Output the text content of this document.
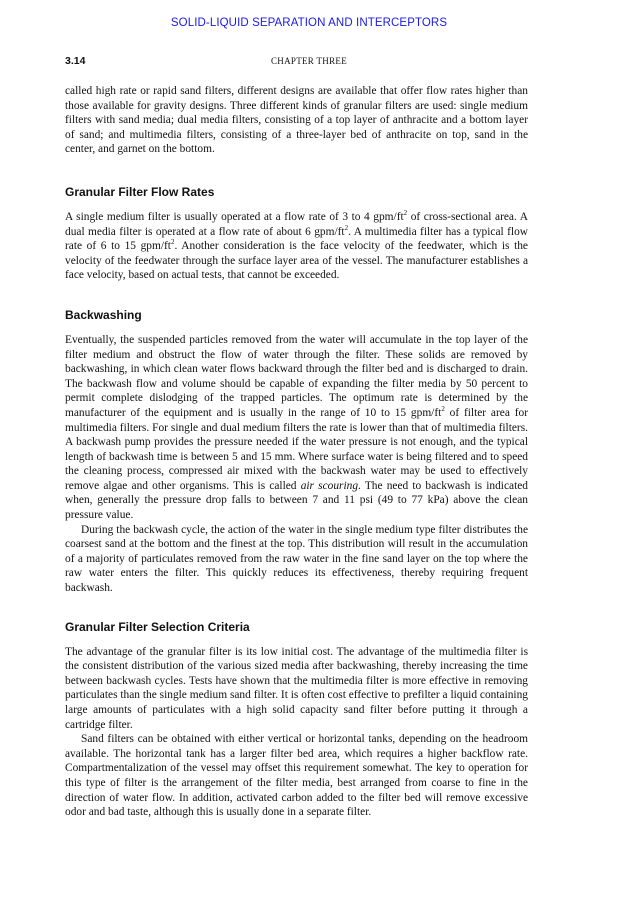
SOLID-LIQUID SEPARATION AND INTERCEPTORS
3.14	CHAPTER THREE

called high rate or rapid sand filters, different designs are available that offer flow rates higher than those available for gravity designs. Three different kinds of granular filters are used: single medium filters with sand media; dual media filters, consisting of a top layer of anthracite and a bottom layer of sand; and multimedia filters, consisting of a three-layer bed of anthracite on top, sand in the center, and garnet on the bottom.

Granular Filter Flow Rates

A single medium filter is usually operated at a flow rate of 3 to 4 gpm/$ft^2$ of cross-sectional area. A dual media filter is operated at a flow rate of about 6 gpm/$ft^2$. A multimedia filter has a typical flow rate of 6 to 15 gpm/$ft^2$. Another consideration is the face velocity of the feedwater, which is the velocity of the feedwater through the surface layer area of the vessel. The manufacturer establishes a face velocity, based on actual tests, that cannot be exceeded.

Backwashing

Eventually, the suspended particles removed from the water will accumulate in the top layer of the filter medium and obstruct the flow of water through the filter. These solids are removed by backwashing, in which clean water flows backward through the filter bed and is discharged to drain. The backwash flow and volume should be capable of expanding the filter media by 50 percent to permit complete dislodging of the trapped particles. The optimum rate is determined by the manufacturer of the equipment and is usually in the range of 10 to 15 gpm/$ft^2$ of filter area for multimedia filters. For single and dual medium filters the rate is lower than that of multimedia filters. A backwash pump provides the pressure needed if the water pressure is not enough, and the typical length of backwash time is between 5 and 15 mm. Where surface water is being filtered and to speed the cleaning process, compressed air mixed with the backwash water may be used to effectively remove algae and other organisms. This is called air scouring. The need to backwash is indicated when, generally the pressure drop falls to between 7 and 11 psi (49 to 77 kPa) above the clean pressure value.

During the backwash cycle, the action of the water in the single medium type filter distributes the coarsest sand at the bottom and the finest at the top. This distribution will result in the accumulation of a majority of particulates removed from the raw water in the fine sand layer on the top where the raw water enters the filter. This quickly reduces its effectiveness, thereby requiring frequent backwash.

Granular Filter Selection Criteria

The advantage of the granular filter is its low initial cost. The advantage of the multimedia filter is the consistent distribution of the various sized media after backwashing, thereby increasing the time between backwash cycles. Tests have shown that the multimedia filter is more effective in removing particulates than the single medium sand filter. It is often cost effective to prefilter a liquid containing large amounts of particulates with a high solid capacity sand filter before putting it through a cartridge filter.

Sand filters can be obtained with either vertical or horizontal tanks, depending on the headroom available. The horizontal tank has a larger filter bed area, which requires a higher backflow rate. Compartmentalization of the vessel may offset this requirement somewhat. The key to operation for this type of filter is the arrangement of the filter media, best arranged from coarse to fine in the direction of water flow. In addition, activated carbon added to the filter bed will remove excessive odor and bad taste, although this is usually done in a separate filter.
